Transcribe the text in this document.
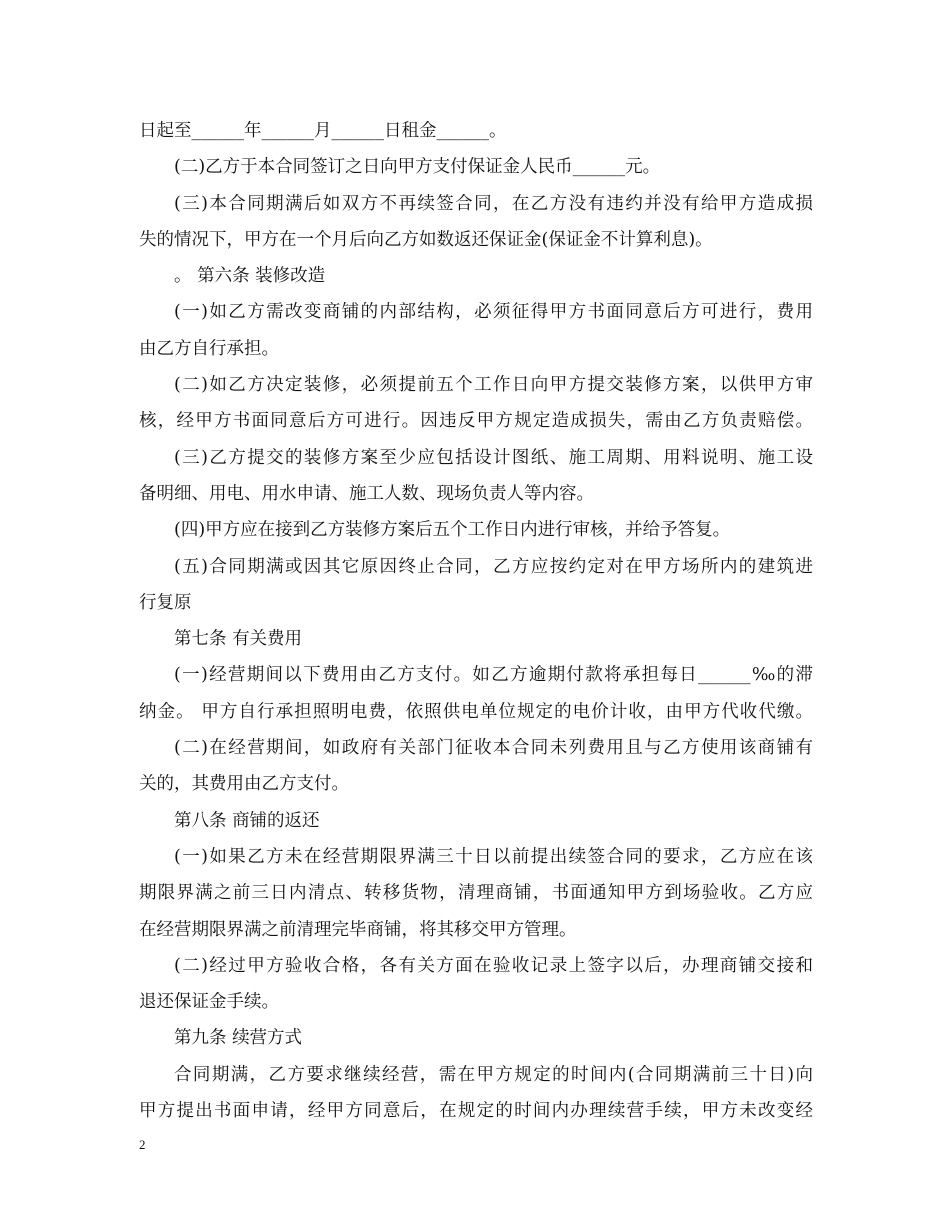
日起至______年______月______日租金______。
(二)乙方于本合同签订之日向甲方支付保证金人民币______元。
(三)本合同期满后如双方不再续签合同，在乙方没有违约并没有给甲方造成损
失的情况下，甲方在一个月后向乙方如数返还保证金(保证金不计算利息)。
。 第六条 装修改造
(一)如乙方需改变商铺的内部结构，必须征得甲方书面同意后方可进行，费用
由乙方自行承担。
(二)如乙方决定装修，必须提前五个工作日向甲方提交装修方案，以供甲方审
核，经甲方书面同意后方可进行。因违反甲方规定造成损失，需由乙方负责赔偿。
(三)乙方提交的装修方案至少应包括设计图纸、施工周期、用料说明、施工设
备明细、用电、用水申请、施工人数、现场负责人等内容。
(四)甲方应在接到乙方装修方案后五个工作日内进行审核，并给予答复。
(五)合同期满或因其它原因终止合同，乙方应按约定对在甲方场所内的建筑进
行复原
第七条 有关费用
(一)经营期间以下费用由乙方支付。如乙方逾期付款将承担每日______‰的滞
纳金。 甲方自行承担照明电费，依照供电单位规定的电价计收，由甲方代收代缴。
(二)在经营期间，如政府有关部门征收本合同未列费用且与乙方使用该商铺有
关的，其费用由乙方支付。
第八条 商铺的返还
(一)如果乙方未在经营期限界满三十日以前提出续签合同的要求，乙方应在该
期限界满之前三日内清点、转移货物，清理商铺，书面通知甲方到场验收。乙方应
在经营期限界满之前清理完毕商铺，将其移交甲方管理。
(二)经过甲方验收合格，各有关方面在验收记录上签字以后，办理商铺交接和
退还保证金手续。
第九条 续营方式
合同期满，乙方要求继续经营，需在甲方规定的时间内(合同期满前三十日)向
甲方提出书面申请，经甲方同意后，在规定的时间内办理续营手续，甲方未改变经
2
